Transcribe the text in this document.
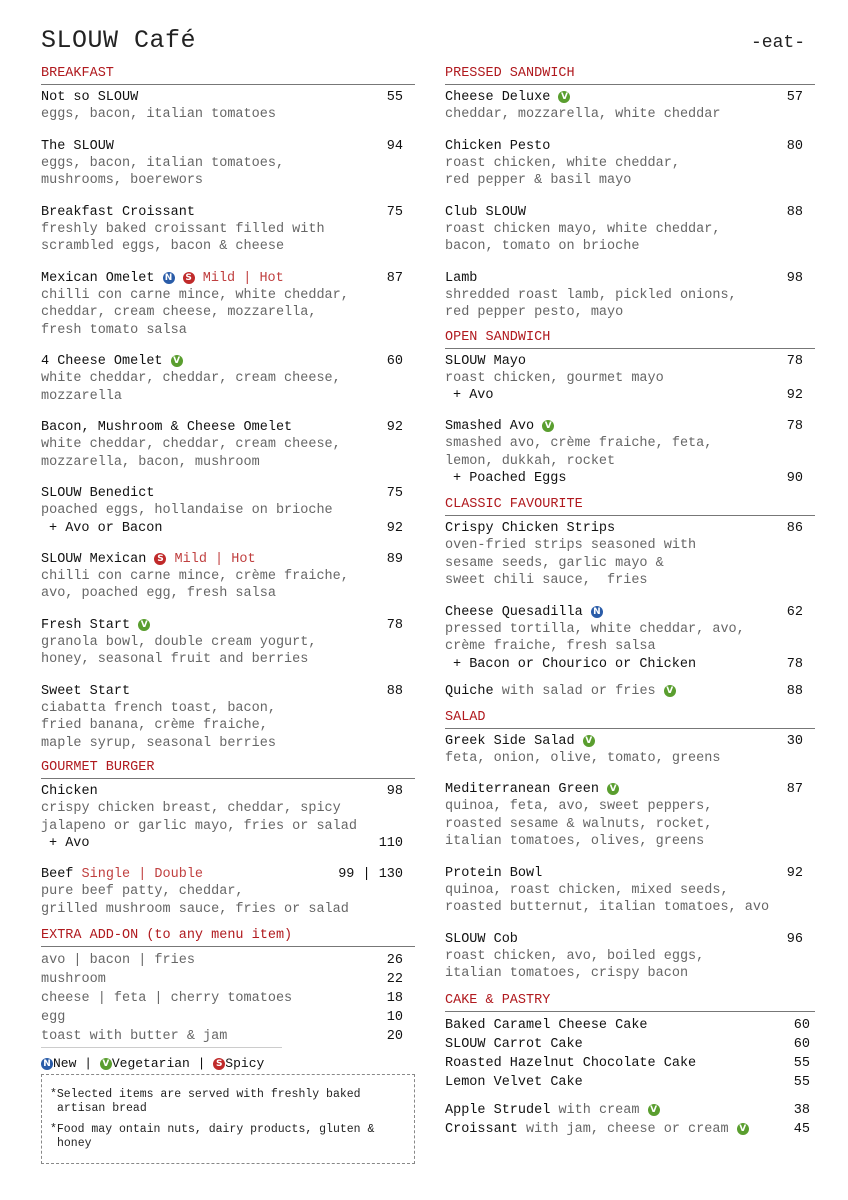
SLOUW Café	-eat-
BREAKFAST
Not so SLOUW	55
eggs, bacon, italian tomatoes
The SLOUW	94
eggs, bacon, italian tomatoes,
mushrooms, boerewors
Breakfast Croissant	75
freshly baked croissant filled with
scrambled eggs, bacon & cheese
Mexican Omelet N S Mild | Hot	87
chilli con carne mince, white cheddar,
cheddar, cream cheese, mozzarella,
fresh tomato salsa
4 Cheese Omelet V	60
white cheddar, cheddar, cream cheese,
mozzarella
Bacon, Mushroom & Cheese Omelet	92
white cheddar, cheddar, cream cheese,
mozzarella, bacon, mushroom
SLOUW Benedict	75
poached eggs, hollandaise on brioche
+ Avo or Bacon	92
SLOUW Mexican S Mild | Hot	89
chilli con carne mince, crème fraiche,
avo, poached egg, fresh salsa
Fresh Start V	78
granola bowl, double cream yogurt,
honey, seasonal fruit and berries
Sweet Start	88
ciabatta french toast, bacon,
fried banana, crème fraiche,
maple syrup, seasonal berries
GOURMET BURGER
Chicken	98
crispy chicken breast, cheddar, spicy
jalapeno or garlic mayo, fries or salad
+ Avo	110
Beef Single | Double	99 | 130
pure beef patty, cheddar,
grilled mushroom sauce, fries or salad
EXTRA ADD-ON (to any menu item)
avo | bacon | fries	26
mushroom	22
cheese | feta | cherry tomatoes	18
egg	10
toast with butter & jam	20
N New | V Vegetarian | S Spicy
*Selected items are served with freshly baked artisan bread
*Food may ontain nuts, dairy products, gluten & honey
PRESSED SANDWICH
Cheese Deluxe V	57
cheddar, mozzarella, white cheddar
Chicken Pesto	80
roast chicken, white cheddar,
red pepper & basil mayo
Club SLOUW	88
roast chicken mayo, white cheddar,
bacon, tomato on brioche
Lamb	98
shredded roast lamb, pickled onions,
red pepper pesto, mayo
OPEN SANDWICH
SLOUW Mayo	78
roast chicken, gourmet mayo
+ Avo	92
Smashed Avo V	78
smashed avo, crème fraiche, feta,
lemon, dukkah, rocket
+ Poached Eggs	90
CLASSIC FAVOURITE
Crispy Chicken Strips	86
oven-fried strips seasoned with
sesame seeds, garlic mayo &
sweet chili sauce,  fries
Cheese Quesadilla N	62
pressed tortilla, white cheddar, avo,
crème fraiche, fresh salsa
+ Bacon or Chourico or Chicken	78
Quiche with salad or fries V	88
SALAD
Greek Side Salad V	30
feta, onion, olive, tomato, greens
Mediterranean Green V	87
quinoa, feta, avo, sweet peppers,
roasted sesame & walnuts, rocket,
italian tomatoes, olives, greens
Protein Bowl	92
quinoa, roast chicken, mixed seeds,
roasted butternut, italian tomatoes, avo
SLOUW Cob	96
roast chicken, avo, boiled eggs,
italian tomatoes, crispy bacon
CAKE & PASTRY
Baked Caramel Cheese Cake	60
SLOUW Carrot Cake	60
Roasted Hazelnut Chocolate Cake	55
Lemon Velvet Cake	55
Apple Strudel with cream V	38
Croissant with jam, cheese or cream V	45
